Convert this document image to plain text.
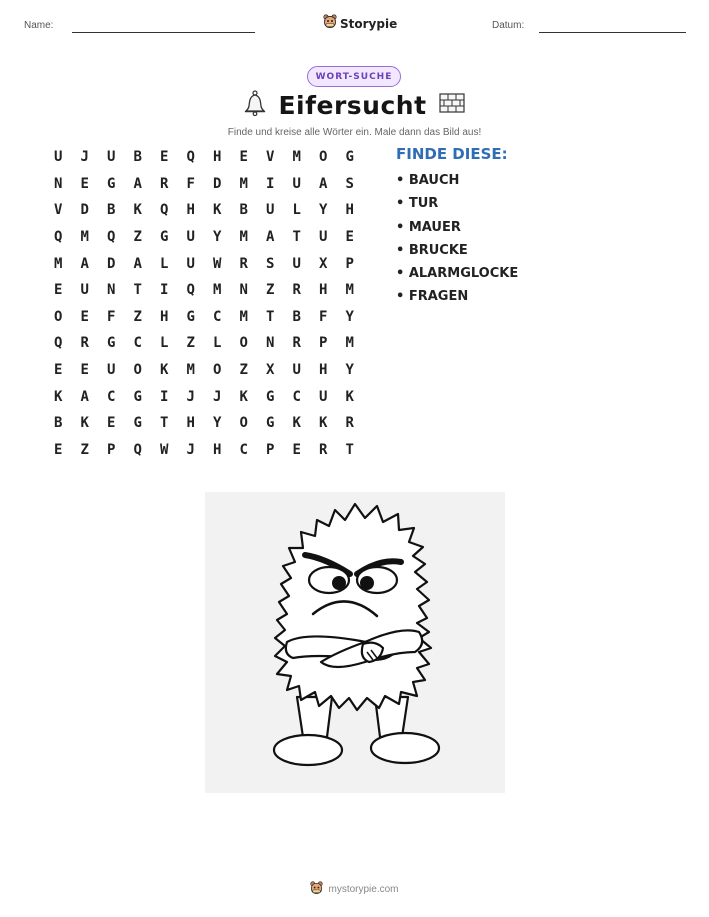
Name:	Storypie	Datum:
WORT-SUCHE
Eifersucht
Finde und kreise alle Wörter ein. Male dann das Bild aus!
U	J	U	B	E	Q	H	E	V	M	O	G
N	E	G	A	R	F	D	M	I	U	A	S
V	D	B	K	Q	H	K	B	U	L	Y	H
Q	M	Q	Z	G	U	Y	M	A	T	U	E
M	A	D	A	L	U	W	R	S	U	X	P
E	U	N	T	I	Q	M	N	Z	R	H	M
O	E	F	Z	H	G	C	M	T	B	F	Y
Q	R	G	C	L	Z	L	O	N	R	P	M
E	E	U	O	K	M	O	Z	X	U	H	Y
K	A	C	G	I	J	J	K	G	C	U	K
B	K	E	G	T	H	Y	O	G	K	K	R
E	Z	P	Q	W	J	H	C	P	E	R	T
FINDE DIESE:
• BAUCH
• TUR
• MAUER
• BRUCKE
• ALARMGLOCKE
• FRAGEN
mystorypie.com
